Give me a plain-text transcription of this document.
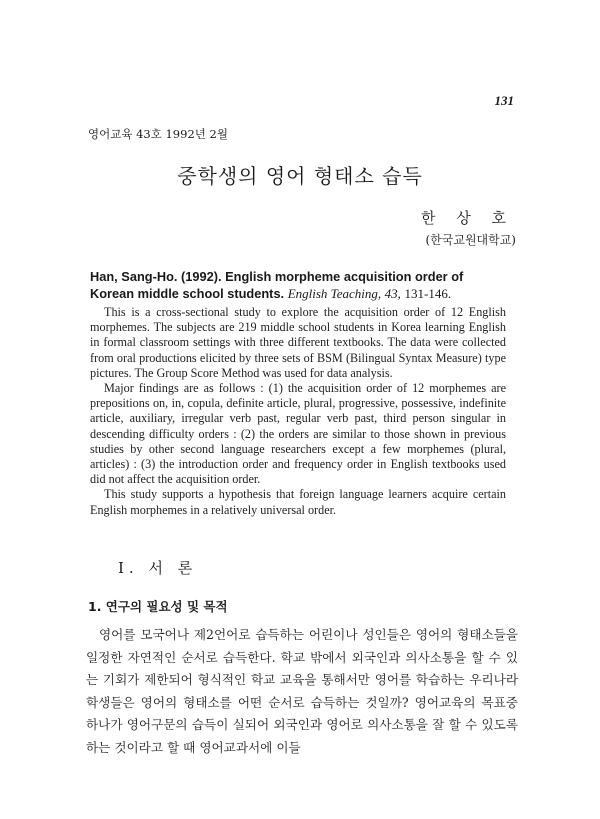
131
영어교육 43호 1992년 2월
중학생의 영어 형태소 습득
한 상 호
(한국교원대학교)

Han, Sang-Ho. (1992). English morpheme acquisition order of Korean middle school students. English Teaching, 43, 131-146.

This is a cross-sectional study to explore the acquisition order of 12 English morphemes. The subjects are 219 middle school students in Korea learning English in formal classroom settings with three different textbooks. The data were collected from oral productions elicited by three sets of BSM (Bilingual Syntax Measure) type pictures. The Group Score Method was used for data analysis.

Major findings are as follows : (1) the acquisition order of 12 morphemes are prepositions on, in, copula, definite article, plural, progressive, possessive, indefinite article, auxiliary, irregular verb past, regular verb past, third person singular in descending difficulty orders : (2) the orders are similar to those shown in previous studies by other second language researchers except a few morphemes (plural, articles) : (3) the introduction order and frequency order in English textbooks used did not affect the acquisition order.

This study supports a hypothesis that foreign language learners acquire certain English morphemes in a relatively universal order.

I. 서 론
1. 연구의 필요성 및 목적

영어를 모국어나 제2언어로 습득하는 어린이나 성인들은 영어의 형태소들을 일정한 자연적인 순서로 습득한다. 학교 밖에서 외국인과 의사소통을 할 수 있는 기회가 제한되어 형식적인 학교 교육을 통해서만 영어를 학습하는 우리나라 학생들은 영어의 형태소를 어떤 순서로 습득하는 것일까? 영어교육의 목표중 하나가 영어구문의 습득이 실되어 외국인과 영어로 의사소통을 잘 할 수 있도록 하는 것이라고 할 때 영어교과서에 이들
